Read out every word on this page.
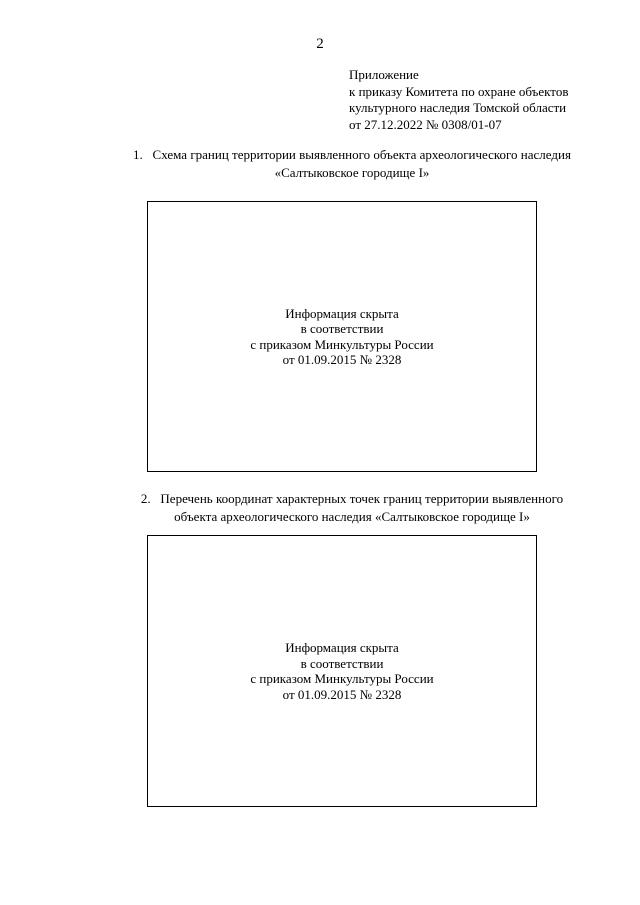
2
Приложение
к приказу Комитета по охране объектов
культурного наследия Томской области
от 27.12.2022 № 0308/01-07
1. Схема границ территории выявленного объекта археологического наследия
«Салтыковское городище I»
Информация скрыта
в соответствии
с приказом Минкультуры России
от 01.09.2015 № 2328
2. Перечень координат характерных точек границ территории выявленного
объекта археологического наследия «Салтыковское городище I»
Информация скрыта
в соответствии
с приказом Минкультуры России
от 01.09.2015 № 2328
